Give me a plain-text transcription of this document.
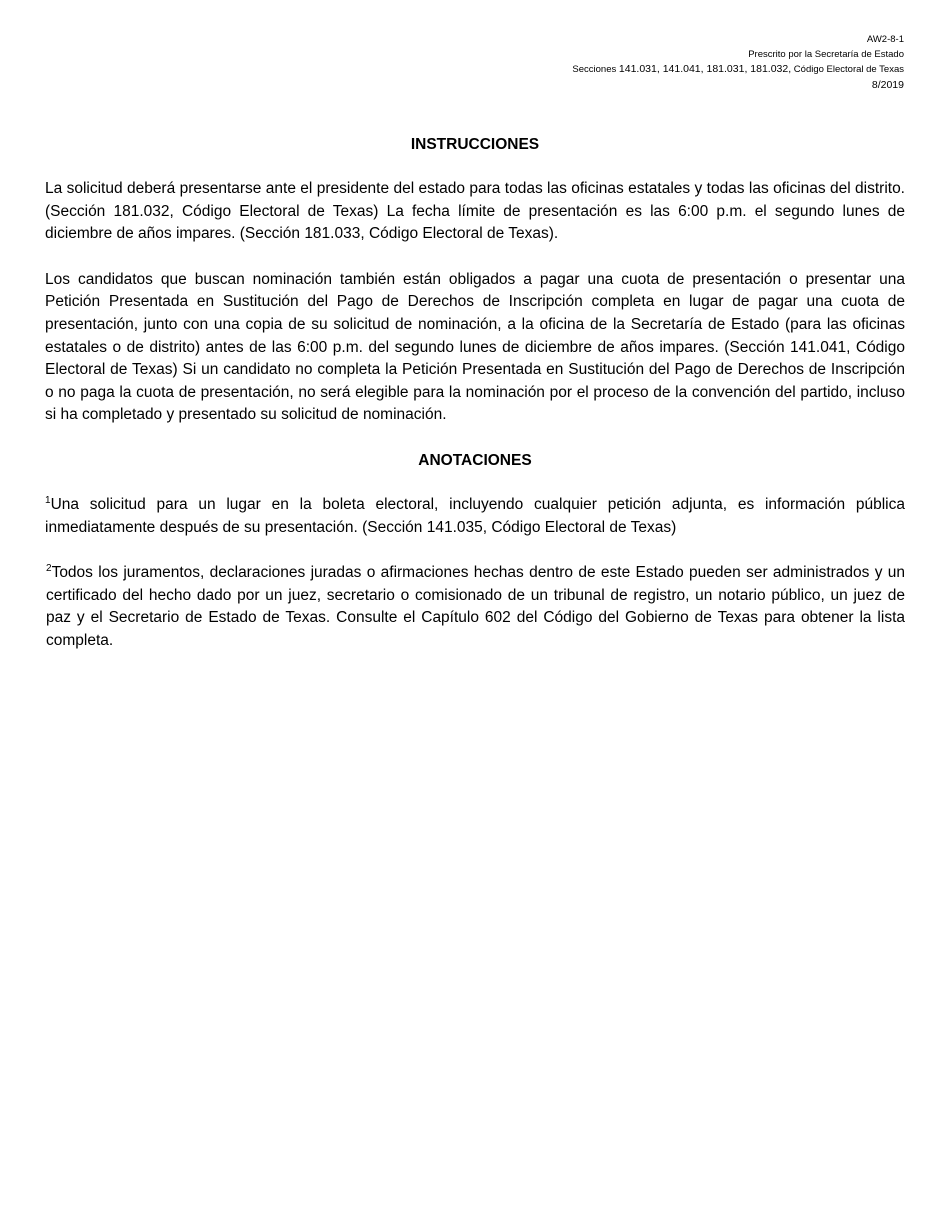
AW2-8-1
Prescrito por la Secretaría de Estado
Secciones 141.031, 141.041, 181.031, 181.032, Código Electoral de Texas
8/2019
INSTRUCCIONES

La solicitud deberá presentarse ante el presidente del estado para todas las oficinas estatales y todas las oficinas del distrito. (Sección 181.032, Código Electoral de Texas) La fecha límite de presentación es las 6:00 p.m. el segundo lunes de diciembre de años impares. (Sección 181.033, Código Electoral de Texas).

Los candidatos que buscan nominación también están obligados a pagar una cuota de presentación o presentar una Petición Presentada en Sustitución del Pago de Derechos de Inscripción completa en lugar de pagar una cuota de presentación, junto con una copia de su solicitud de nominación, a la oficina de la Secretaría de Estado (para las oficinas estatales o de distrito) antes de las 6:00 p.m. del segundo lunes de diciembre de años impares. (Sección 141.041, Código Electoral de Texas) Si un candidato no completa la Petición Presentada en Sustitución del Pago de Derechos de Inscripción o no paga la cuota de presentación, no será elegible para la nominación por el proceso de la convención del partido, incluso si ha completado y presentado su solicitud de nominación.

ANOTACIONES

$^1$Una solicitud para un lugar en la boleta electoral, incluyendo cualquier petición adjunta, es información pública inmediatamente después de su presentación. (Sección 141.035, Código Electoral de Texas)

$^2$Todos los juramentos, declaraciones juradas o afirmaciones hechas dentro de este Estado pueden ser administrados y un certificado del hecho dado por un juez, secretario o comisionado de un tribunal de registro, un notario público, un juez de paz y el Secretario de Estado de Texas. Consulte el Capítulo 602 del Código del Gobierno de Texas para obtener la lista completa.
